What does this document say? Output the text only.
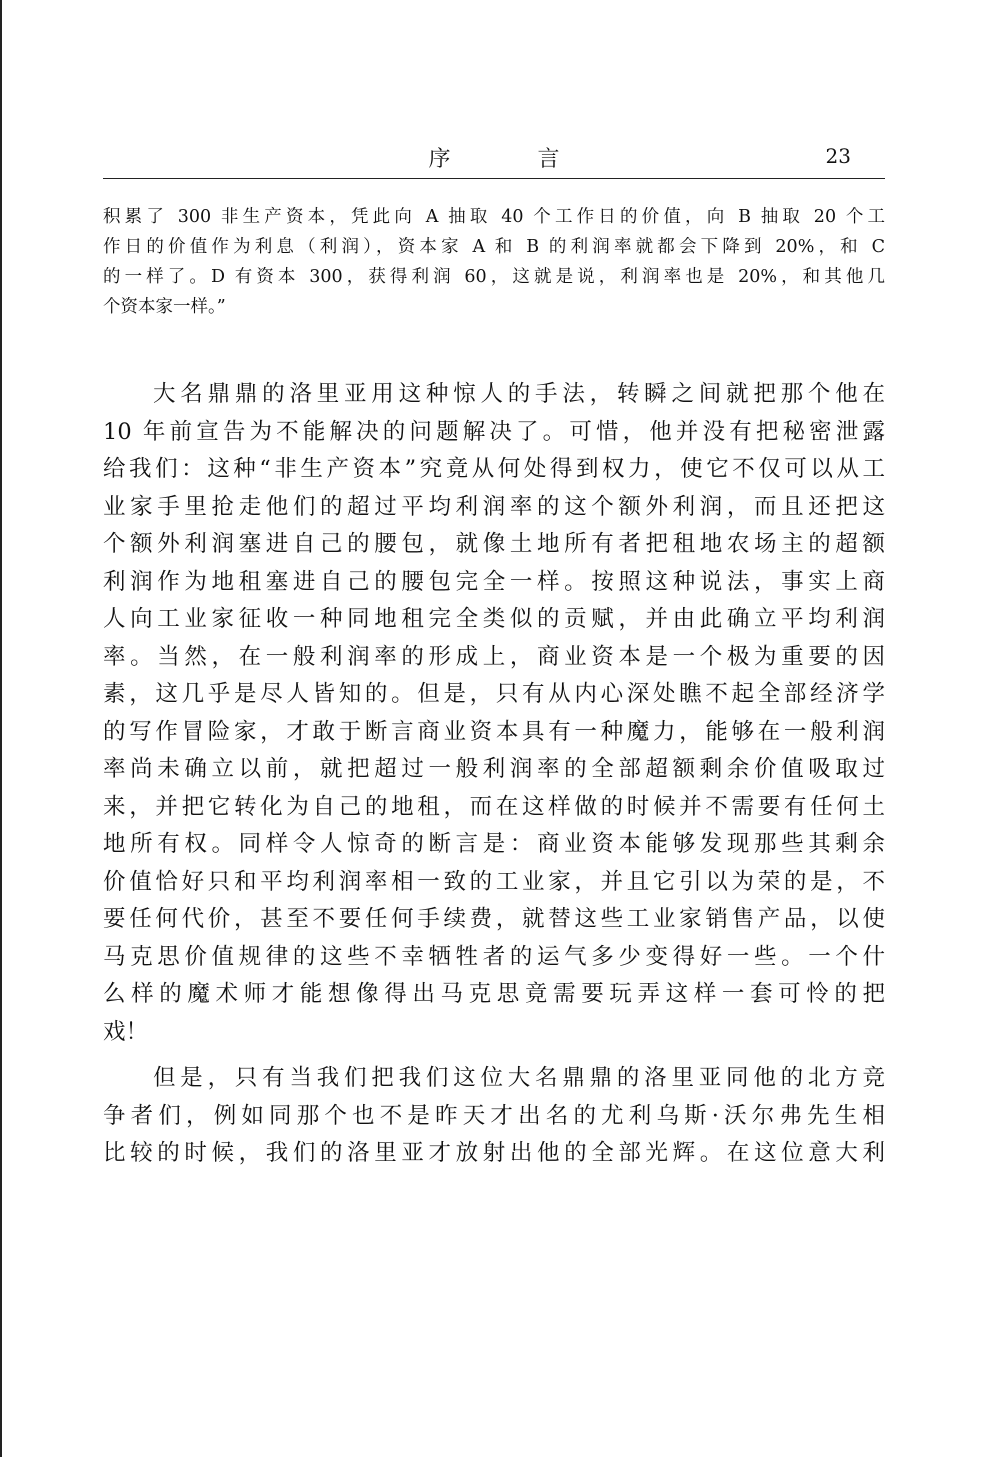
序 言	23
积累了 300 非生产资本，凭此向 A 抽取 40 个工作日的价值，向 B 抽取 20 个工
作日的价值作为利息（利润），资本家 A 和 B 的利润率就都会下降到 20%，和 C
的一样了。D 有资本 300，获得利润 60，这就是说，利润率也是 20%，和其他几
个资本家一样。”
大名鼎鼎的洛里亚用这种惊人的手法，转瞬之间就把那个他在
10 年前宣告为不能解决的问题解决了。可惜，他并没有把秘密泄露
给我们：这种“非生产资本”究竟从何处得到权力，使它不仅可以从工
业家手里抢走他们的超过平均利润率的这个额外利润，而且还把这
个额外利润塞进自己的腰包，就像土地所有者把租地农场主的超额
利润作为地租塞进自己的腰包完全一样。按照这种说法，事实上商
人向工业家征收一种同地租完全类似的贡赋，并由此确立平均利润
率。当然，在一般利润率的形成上，商业资本是一个极为重要的因
素，这几乎是尽人皆知的。但是，只有从内心深处瞧不起全部经济学
的写作冒险家，才敢于断言商业资本具有一种魔力，能够在一般利润
率尚未确立以前，就把超过一般利润率的全部超额剩余价值吸取过
来，并把它转化为自己的地租，而在这样做的时候并不需要有任何土
地所有权。同样令人惊奇的断言是：商业资本能够发现那些其剩余
价值恰好只和平均利润率相一致的工业家，并且它引以为荣的是，不
要任何代价，甚至不要任何手续费，就替这些工业家销售产品，以使
马克思价值规律的这些不幸牺牲者的运气多少变得好一些。一个什
么样的魔术师才能想像得出马克思竟需要玩弄这样一套可怜的把
戏！
但是，只有当我们把我们这位大名鼎鼎的洛里亚同他的北方竞
争者们，例如同那个也不是昨天才出名的尤利乌斯·沃尔弗先生相
比较的时候，我们的洛里亚才放射出他的全部光辉。在这位意大利
